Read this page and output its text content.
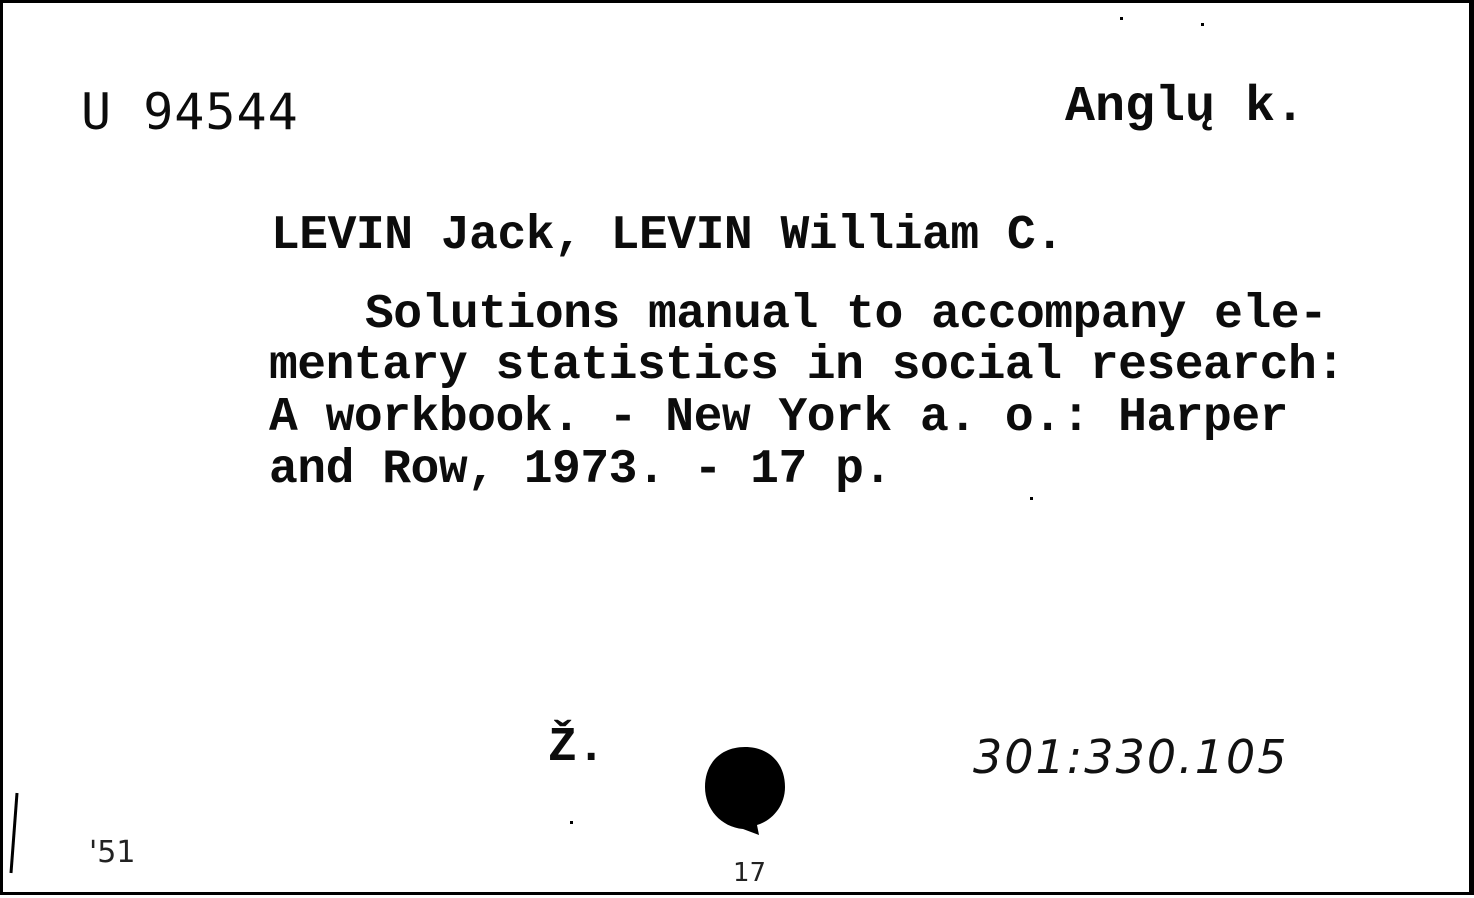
U 94544	Anglų k.
LEVIN Jack, LEVIN William C.
Solutions manual to accompany ele-
mentary statistics in social research:
A workbook. - New York a. o.: Harper
and Row, 1973. - 17 p.
Ž.	301:330.105
'51
17
